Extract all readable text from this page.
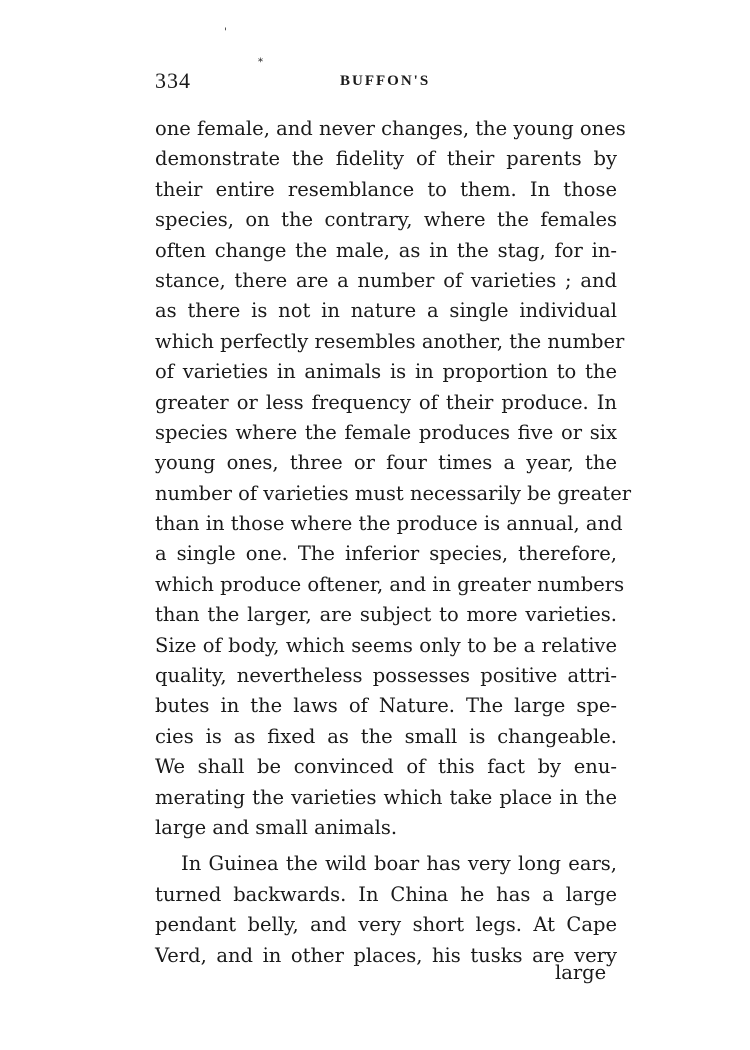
'
*
334	BUFFON'S
one female, and never changes, the young ones
demonstrate the fidelity of their parents by
their entire resemblance to them. In those
species, on the contrary, where the females
often change the male, as in the stag, for in-
stance, there are a number of varieties ; and
as there is not in nature a single individual
which perfectly resembles another, the number
of varieties in animals is in proportion to the
greater or less frequency of their produce. In
species where the female produces five or six
young ones, three or four times a year, the
number of varieties must necessarily be greater
than in those where the produce is annual, and
a single one. The inferior species, therefore,
which produce oftener, and in greater numbers
than the larger, are subject to more varieties.
Size of body, which seems only to be a relative
quality, nevertheless possesses positive attri-
butes in the laws of Nature. The large spe-
cies is as fixed as the small is changeable.
We shall be convinced of this fact by enu-
merating the varieties which take place in the
large and small animals.
In Guinea the wild boar has very long ears,
turned backwards. In China he has a large
pendant belly, and very short legs. At Cape
Verd, and in other places, his tusks are very
large
